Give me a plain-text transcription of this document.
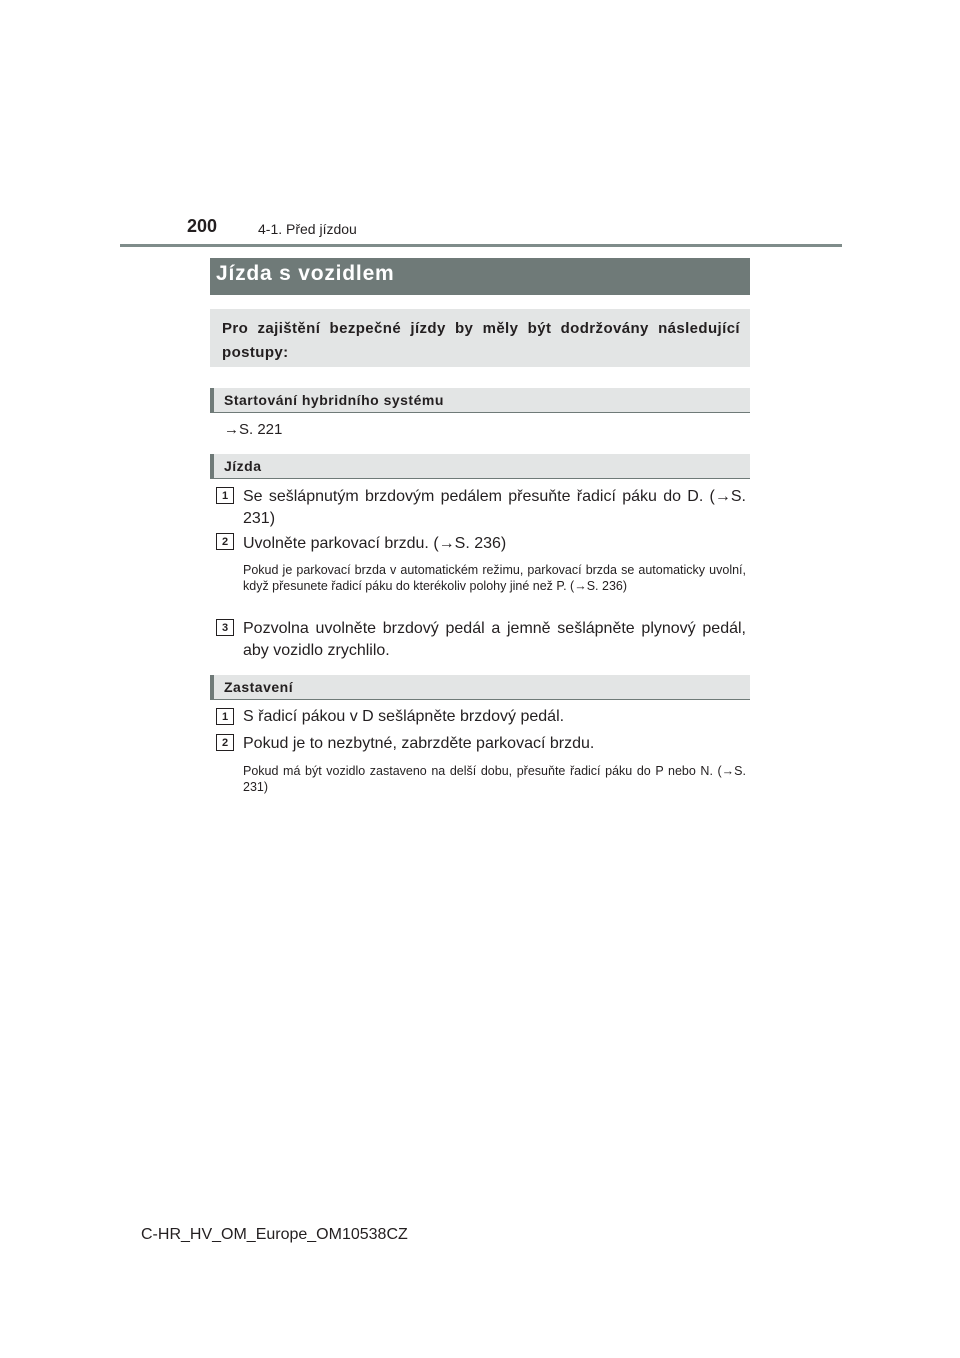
200	4-1. Před jízdou
Jízda s vozidlem
Pro zajištění bezpečné jízdy by měly být dodržovány následující postupy:
Startování hybridního systému
→S. 221
Jízda
1 Se sešlápnutým brzdovým pedálem přesuňte řadicí páku do D. (→S. 231)
2 Uvolněte parkovací brzdu. (→S. 236)
Pokud je parkovací brzda v automatickém režimu, parkovací brzda se automaticky uvolní, když přesunete řadicí páku do kterékoliv polohy jiné než P. (→S. 236)
3 Pozvolna uvolněte brzdový pedál a jemně sešlápněte plynový pedál, aby vozidlo zrychlilo.
Zastavení
1 S řadicí pákou v D sešlápněte brzdový pedál.
2 Pokud je to nezbytné, zabrzděte parkovací brzdu.
Pokud má být vozidlo zastaveno na delší dobu, přesuňte řadicí páku do P nebo N. (→S. 231)
C-HR_HV_OM_Europe_OM10538CZ
